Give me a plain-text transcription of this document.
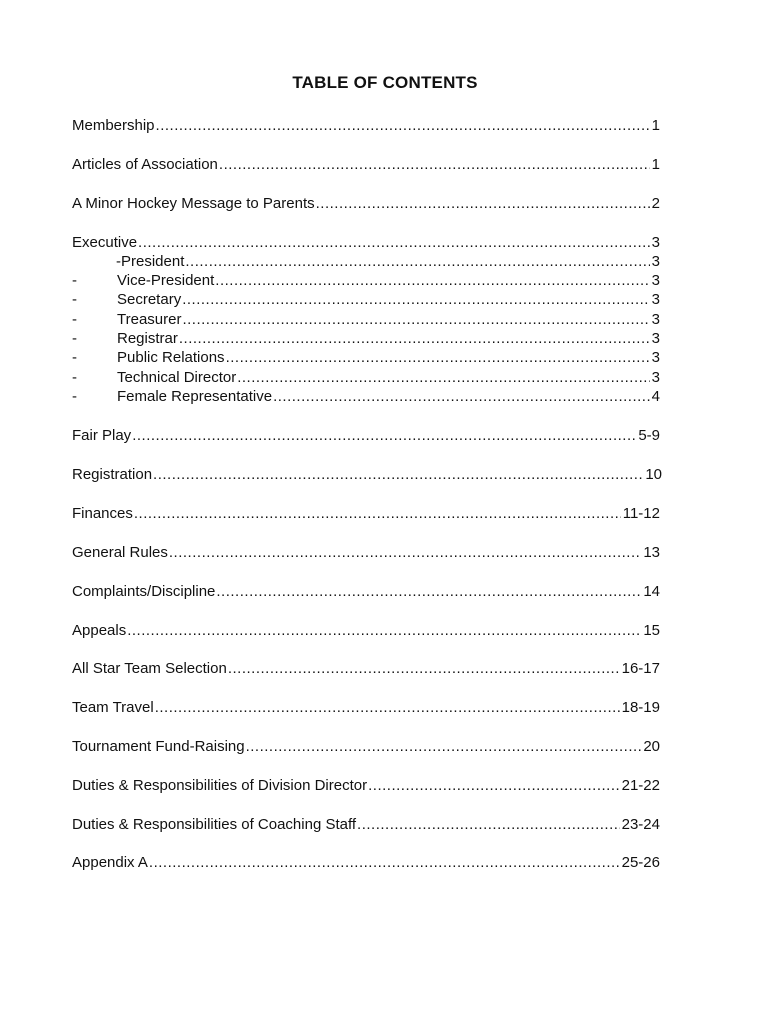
TABLE OF CONTENTS
Membership .....	1
Articles of Association .....	1
A Minor Hockey Message to Parents .....	2
Executive .....	3
-President .....	3
-	Vice-President .....	3
-	Secretary .....	3
-	Treasurer .....	3
-	Registrar .....	3
-	Public Relations .....	3
-	Technical Director .....	3
-	Female Representative .....	4
Fair Play .....	5-9
Registration .....	10
Finances .....	11-12
General Rules .....	13
Complaints/Discipline .....	14
Appeals .....	15
All Star Team Selection .....	16-17
Team Travel .....	18-19
Tournament Fund-Raising .....	20
Duties & Responsibilities of Division Director .....	21-22
Duties & Responsibilities of Coaching Staff .....	23-24
Appendix A .....	25-26
